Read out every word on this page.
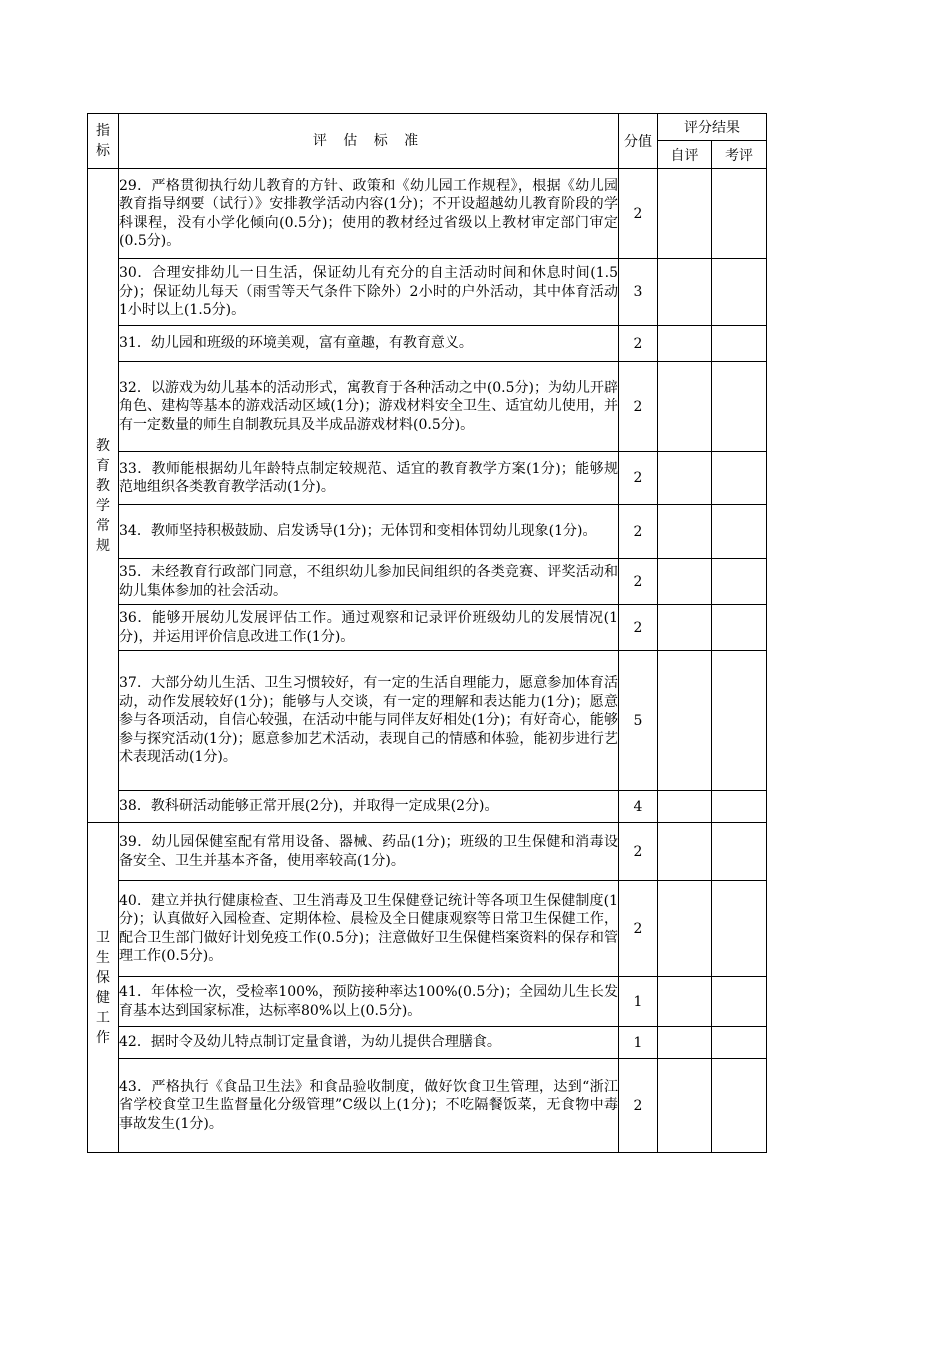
指标	评 估 标 准	分值	评分结果	
			自评	考评

教育教学常规	29．严格贯彻执行幼儿教育的方针、政策和《幼儿园工作规程》，根据《幼儿园教育指导纲要（试行）》安排教学活动内容(1分)；不开设超越幼儿教育阶段的学科课程，没有小学化倾向(0.5分)；使用的教材经过省级以上教材审定部门审定(0.5分)。	2		
	30．合理安排幼儿一日生活，保证幼儿有充分的自主活动时间和休息时间(1.5分)；保证幼儿每天（雨雪等天气条件下除外）2小时的户外活动，其中体育活动1小时以上(1.5分)。	3		
	31．幼儿园和班级的环境美观，富有童趣，有教育意义。	2		
	32．以游戏为幼儿基本的活动形式，寓教育于各种活动之中(0.5分)；为幼儿开辟角色、建构等基本的游戏活动区域(1分)；游戏材料安全卫生、适宜幼儿使用，并有一定数量的师生自制教玩具及半成品游戏材料(0.5分)。	2		
	33．教师能根据幼儿年龄特点制定较规范、适宜的教育教学方案(1分)；能够规范地组织各类教育教学活动(1分)。	2		
	34．教师坚持积极鼓励、启发诱导(1分)；无体罚和变相体罚幼儿现象(1分)。	2		
	35．未经教育行政部门同意，不组织幼儿参加民间组织的各类竞赛、评奖活动和幼儿集体参加的社会活动。	2		
	36．能够开展幼儿发展评估工作。通过观察和记录评价班级幼儿的发展情况(1分)，并运用评价信息改进工作(1分)。	2		
	37．大部分幼儿生活、卫生习惯较好，有一定的生活自理能力，愿意参加体育活动，动作发展较好(1分)；能够与人交谈，有一定的理解和表达能力(1分)；愿意参与各项活动，自信心较强，在活动中能与同伴友好相处(1分)；有好奇心，能够参与探究活动(1分)；愿意参加艺术活动，表现自己的情感和体验，能初步进行艺术表现活动(1分)。	5		
	38．教科研活动能够正常开展(2分)，并取得一定成果(2分)。	4		

卫生保健工作	39．幼儿园保健室配有常用设备、器械、药品(1分)；班级的卫生保健和消毒设备安全、卫生并基本齐备，使用率较高(1分)。	2		
	40．建立并执行健康检查、卫生消毒及卫生保健登记统计等各项卫生保健制度(1分)；认真做好入园检查、定期体检、晨检及全日健康观察等日常卫生保健工作，配合卫生部门做好计划免疫工作(0.5分)；注意做好卫生保健档案资料的保存和管理工作(0.5分)。	2		
	41．年体检一次，受检率100%，预防接种率达100%(0.5分)；全园幼儿生长发育基本达到国家标准，达标率80%以上(0.5分)。	1		
	42．据时令及幼儿特点制订定量食谱，为幼儿提供合理膳食。	1		
	43．严格执行《食品卫生法》和食品验收制度，做好饮食卫生管理，达到“浙江省学校食堂卫生监督量化分级管理”C级以上(1分)；不吃隔餐饭菜，无食物中毒事故发生(1分)。	2		
